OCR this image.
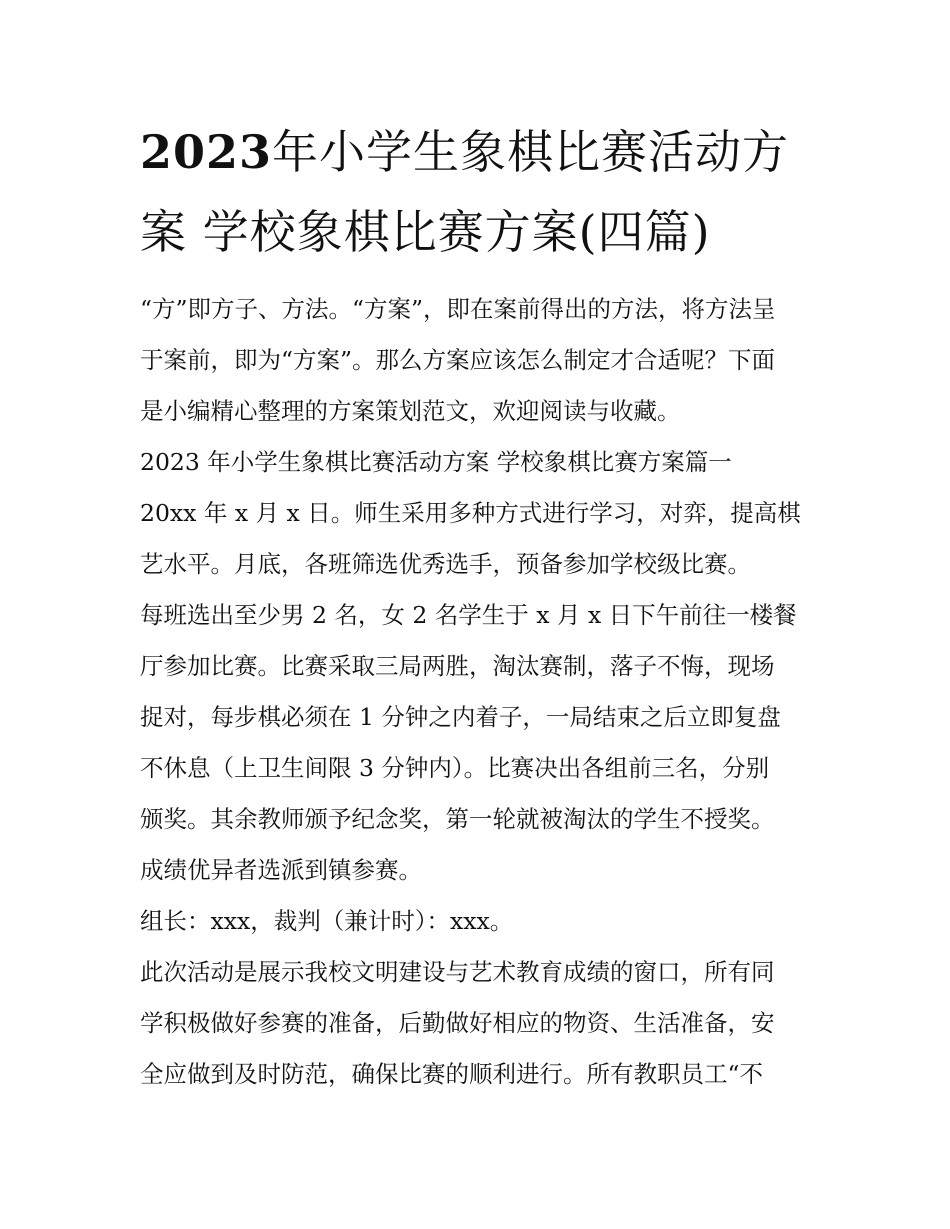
2023年小学生象棋比赛活动方
案 学校象棋比赛方案(四篇)

“方”即方子、方法。“方案”，即在案前得出的方法，将方法呈

于案前，即为“方案”。那么方案应该怎么制定才合适呢？下面

是小编精心整理的方案策划范文，欢迎阅读与收藏。

2023 年小学生象棋比赛活动方案 学校象棋比赛方案篇一

20xx 年 x 月 x 日。师生采用多种方式进行学习，对弈，提高棋

艺水平。月底，各班筛选优秀选手，预备参加学校级比赛。

每班选出至少男 2 名，女 2 名学生于 x 月 x 日下午前往一楼餐

厅参加比赛。比赛采取三局两胜，淘汰赛制，落子不悔，现场

捉对，每步棋必须在 1 分钟之内着子，一局结束之后立即复盘

不休息（上卫生间限 3 分钟内）。比赛决出各组前三名，分别

颁奖。其余教师颁予纪念奖，第一轮就被淘汰的学生不授奖。

成绩优异者选派到镇参赛。

组长：xxx，裁判（兼计时）：xxx。

此次活动是展示我校文明建设与艺术教育成绩的窗口，所有同

学积极做好参赛的准备，后勤做好相应的物资、生活准备，安

全应做到及时防范，确保比赛的顺利进行。所有教职员工“不
